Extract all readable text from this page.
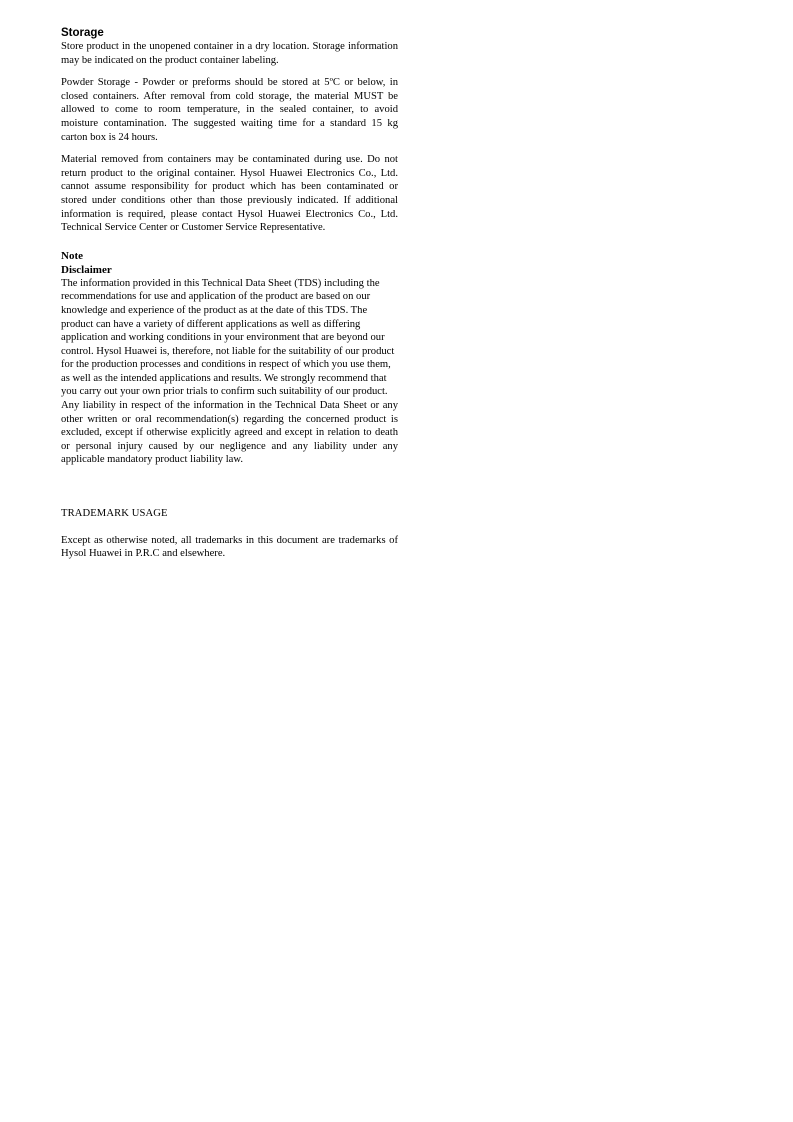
Storage

Store product in the unopened container in a dry location. Storage information may be indicated on the product container labeling.

Powder Storage - Powder or preforms should be stored at 5ºC or below, in closed containers. After removal from cold storage, the material MUST be allowed to come to room temperature, in the sealed container, to avoid moisture contamination. The suggested waiting time for a standard 15 kg carton box is 24 hours.

Material removed from containers may be contaminated during use. Do not return product to the original container. Hysol Huawei Electronics Co., Ltd. cannot assume responsibility for product which has been contaminated or stored under conditions other than those previously indicated. If additional information is required, please contact Hysol Huawei Electronics Co., Ltd. Technical Service Center or Customer Service Representative.

Note
Disclaimer

The information provided in this Technical Data Sheet (TDS) including the recommendations for use and application of the product are based on our knowledge and experience of the product as at the date of this TDS. The product can have a variety of different applications as well as differing application and working conditions in your environment that are beyond our control. Hysol Huawei is, therefore, not liable for the suitability of our product for the production processes and conditions in respect of which you use them, as well as the intended applications and results. We strongly recommend that you carry out your own prior trials to confirm such suitability of our product.

Any liability in respect of the information in the Technical Data Sheet or any other written or oral recommendation(s) regarding the concerned product is excluded, except if otherwise explicitly agreed and except in relation to death or personal injury caused by our negligence and any liability under any applicable mandatory product liability law.

TRADEMARK USAGE

Except as otherwise noted, all trademarks in this document are trademarks of Hysol Huawei in P.R.C and elsewhere.
